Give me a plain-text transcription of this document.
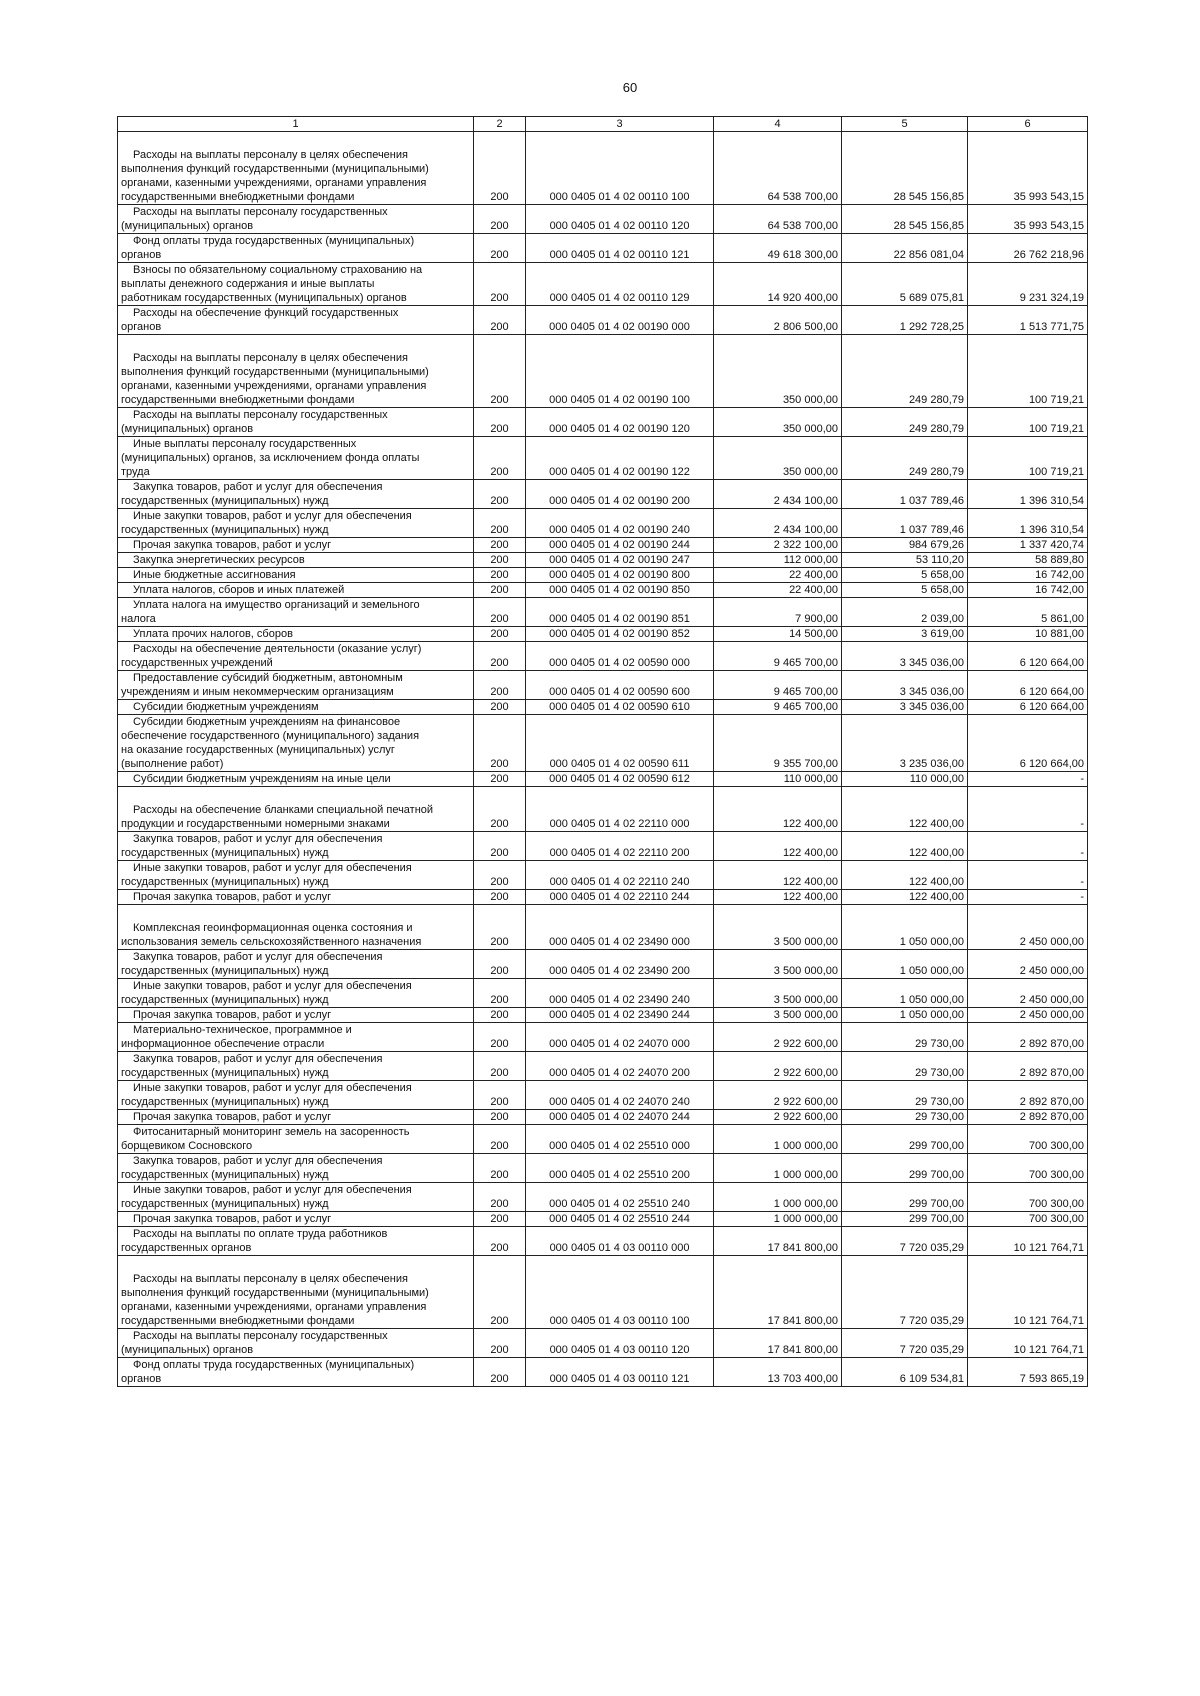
60
1	2	3	4	5	6

Расходы на выплаты персоналу в целях обеспечения
выполнения функций государственными (муниципальными)
органами, казенными учреждениями, органами управления
государственными внебюджетными фондами	200	000 0405 01 4 02 00110 100	64 538 700,00	28 545 156,85	35 993 543,15

Расходы на выплаты персоналу государственных
(муниципальных) органов	200	000 0405 01 4 02 00110 120	64 538 700,00	28 545 156,85	35 993 543,15

Фонд оплаты труда государственных (муниципальных)
органов	200	000 0405 01 4 02 00110 121	49 618 300,00	22 856 081,04	26 762 218,96

Взносы по обязательному социальному страхованию на
выплаты денежного содержания и иные выплаты
работникам государственных (муниципальных) органов	200	000 0405 01 4 02 00110 129	14 920 400,00	5 689 075,81	9 231 324,19

Расходы на обеспечение функций государственных
органов	200	000 0405 01 4 02 00190 000	2 806 500,00	1 292 728,25	1 513 771,75

Расходы на выплаты персоналу в целях обеспечения
выполнения функций государственными (муниципальными)
органами, казенными учреждениями, органами управления
государственными внебюджетными фондами	200	000 0405 01 4 02 00190 100	350 000,00	249 280,79	100 719,21

Расходы на выплаты персоналу государственных
(муниципальных) органов	200	000 0405 01 4 02 00190 120	350 000,00	249 280,79	100 719,21

Иные выплаты персоналу государственных
(муниципальных) органов, за исключением фонда оплаты
труда	200	000 0405 01 4 02 00190 122	350 000,00	249 280,79	100 719,21

Закупка товаров, работ и услуг для обеспечения
государственных (муниципальных) нужд	200	000 0405 01 4 02 00190 200	2 434 100,00	1 037 789,46	1 396 310,54

Иные закупки товаров, работ и услуг для обеспечения
государственных (муниципальных) нужд	200	000 0405 01 4 02 00190 240	2 434 100,00	1 037 789,46	1 396 310,54

Прочая закупка товаров, работ и услуг	200	000 0405 01 4 02 00190 244	2 322 100,00	984 679,26	1 337 420,74

Закупка энергетических ресурсов	200	000 0405 01 4 02 00190 247	112 000,00	53 110,20	58 889,80

Иные бюджетные ассигнования	200	000 0405 01 4 02 00190 800	22 400,00	5 658,00	16 742,00

Уплата налогов, сборов и иных платежей	200	000 0405 01 4 02 00190 850	22 400,00	5 658,00	16 742,00

Уплата налога на имущество организаций и земельного
налога	200	000 0405 01 4 02 00190 851	7 900,00	2 039,00	5 861,00

Уплата прочих налогов, сборов	200	000 0405 01 4 02 00190 852	14 500,00	3 619,00	10 881,00

Расходы на обеспечение деятельности (оказание услуг)
государственных учреждений	200	000 0405 01 4 02 00590 000	9 465 700,00	3 345 036,00	6 120 664,00

Предоставление субсидий бюджетным, автономным
учреждениям и иным некоммерческим организациям	200	000 0405 01 4 02 00590 600	9 465 700,00	3 345 036,00	6 120 664,00

Субсидии бюджетным учреждениям	200	000 0405 01 4 02 00590 610	9 465 700,00	3 345 036,00	6 120 664,00

Субсидии бюджетным учреждениям на финансовое
обеспечение государственного (муниципального) задания
на оказание государственных (муниципальных) услуг
(выполнение работ)	200	000 0405 01 4 02 00590 611	9 355 700,00	3 235 036,00	6 120 664,00

Субсидии бюджетным учреждениям на иные цели	200	000 0405 01 4 02 00590 612	110 000,00	110 000,00	-

Расходы на обеспечение бланками специальной печатной
продукции и государственными номерными знаками	200	000 0405 01 4 02 22110 000	122 400,00	122 400,00	-

Закупка товаров, работ и услуг для обеспечения
государственных (муниципальных) нужд	200	000 0405 01 4 02 22110 200	122 400,00	122 400,00	-

Иные закупки товаров, работ и услуг для обеспечения
государственных (муниципальных) нужд	200	000 0405 01 4 02 22110 240	122 400,00	122 400,00	-

Прочая закупка товаров, работ и услуг	200	000 0405 01 4 02 22110 244	122 400,00	122 400,00	-

Комплексная геоинформационная оценка состояния и
использования земель сельскохозяйственного назначения	200	000 0405 01 4 02 23490 000	3 500 000,00	1 050 000,00	2 450 000,00

Закупка товаров, работ и услуг для обеспечения
государственных (муниципальных) нужд	200	000 0405 01 4 02 23490 200	3 500 000,00	1 050 000,00	2 450 000,00

Иные закупки товаров, работ и услуг для обеспечения
государственных (муниципальных) нужд	200	000 0405 01 4 02 23490 240	3 500 000,00	1 050 000,00	2 450 000,00

Прочая закупка товаров, работ и услуг	200	000 0405 01 4 02 23490 244	3 500 000,00	1 050 000,00	2 450 000,00

Материально-техническое, программное и
информационное обеспечение отрасли	200	000 0405 01 4 02 24070 000	2 922 600,00	29 730,00	2 892 870,00

Закупка товаров, работ и услуг для обеспечения
государственных (муниципальных) нужд	200	000 0405 01 4 02 24070 200	2 922 600,00	29 730,00	2 892 870,00

Иные закупки товаров, работ и услуг для обеспечения
государственных (муниципальных) нужд	200	000 0405 01 4 02 24070 240	2 922 600,00	29 730,00	2 892 870,00

Прочая закупка товаров, работ и услуг	200	000 0405 01 4 02 24070 244	2 922 600,00	29 730,00	2 892 870,00

Фитосанитарный мониторинг земель на засоренность
борщевиком Сосновского	200	000 0405 01 4 02 25510 000	1 000 000,00	299 700,00	700 300,00

Закупка товаров, работ и услуг для обеспечения
государственных (муниципальных) нужд	200	000 0405 01 4 02 25510 200	1 000 000,00	299 700,00	700 300,00

Иные закупки товаров, работ и услуг для обеспечения
государственных (муниципальных) нужд	200	000 0405 01 4 02 25510 240	1 000 000,00	299 700,00	700 300,00

Прочая закупка товаров, работ и услуг	200	000 0405 01 4 02 25510 244	1 000 000,00	299 700,00	700 300,00

Расходы на выплаты по оплате труда работников
государственных органов	200	000 0405 01 4 03 00110 000	17 841 800,00	7 720 035,29	10 121 764,71

Расходы на выплаты персоналу в целях обеспечения
выполнения функций государственными (муниципальными)
органами, казенными учреждениями, органами управления
государственными внебюджетными фондами	200	000 0405 01 4 03 00110 100	17 841 800,00	7 720 035,29	10 121 764,71

Расходы на выплаты персоналу государственных
(муниципальных) органов	200	000 0405 01 4 03 00110 120	17 841 800,00	7 720 035,29	10 121 764,71

Фонд оплаты труда государственных (муниципальных)
органов	200	000 0405 01 4 03 00110 121	13 703 400,00	6 109 534,81	7 593 865,19
